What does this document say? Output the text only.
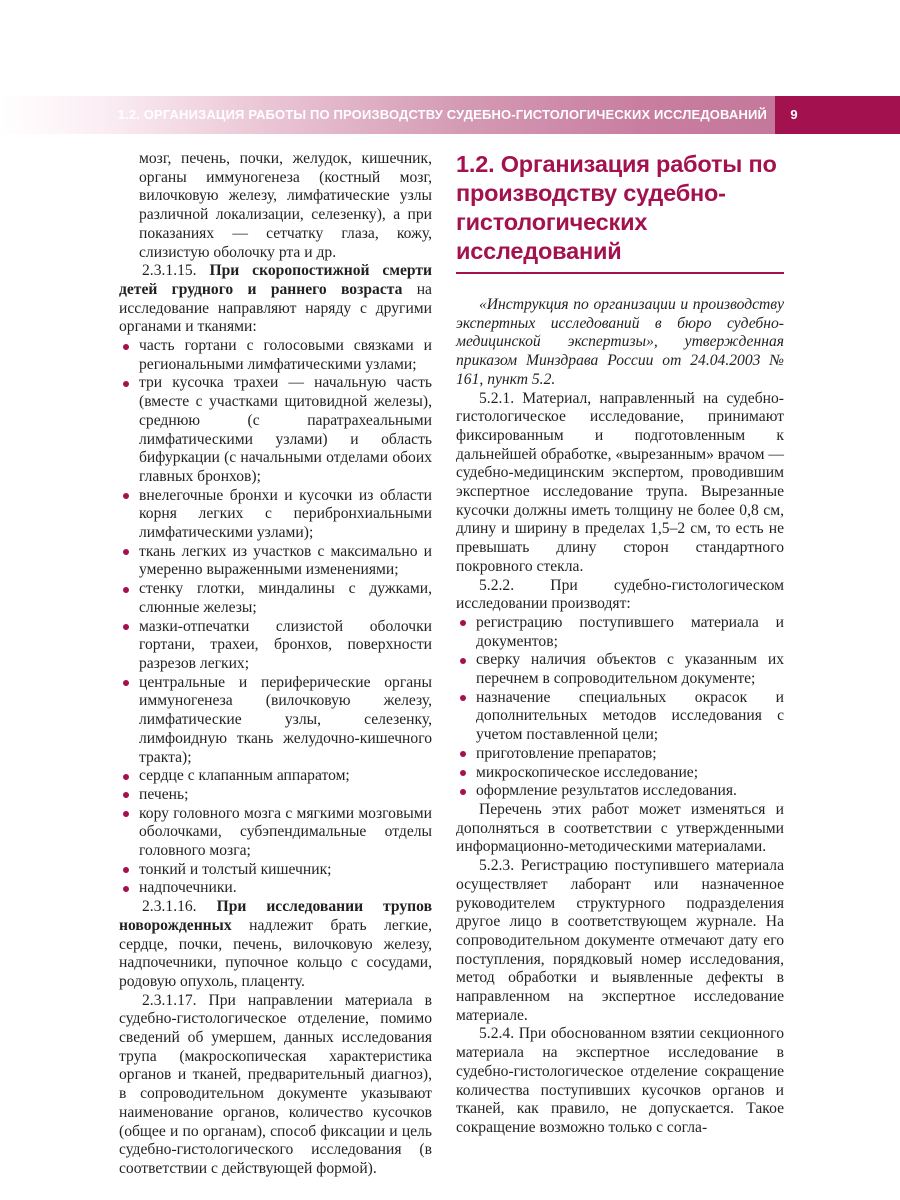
1.2. ОРГАНИЗАЦИЯ РАБОТЫ ПО ПРОИЗВОДСТВУ СУДЕБНО-ГИСТОЛОГИЧЕСКИХ ИССЛЕДОВАНИЙ	9
мозг, печень, почки, желудок, кишечник, органы иммуногенеза (костный мозг, вилочковую железу, лимфатические узлы различной локализации, селезенку), а при показаниях — сетчатку глаза, кожу, слизистую оболочку рта и др.

2.3.1.15. При скоропостижной смерти детей грудного и раннего возраста на исследование направляют наряду с другими органами и тканями:

часть гортани с голосовыми связками и региональными лимфатическими узлами;
три кусочка трахеи — начальную часть (вместе с участками щитовидной железы), среднюю (с паратрахеальными лимфатическими узлами) и область бифуркации (с начальными отделами обоих главных бронхов);
внелегочные бронхи и кусочки из области корня легких с перибронхиальными лимфатическими узлами);
ткань легких из участков с максимально и умеренно выраженными изменениями;
стенку глотки, миндалины с дужками, слюнные железы;
мазки-отпечатки слизистой оболочки гортани, трахеи, бронхов, поверхности разрезов легких;
центральные и периферические органы иммуногенеза (вилочковую железу, лимфатические узлы, селезенку, лимфоидную ткань желудочно-кишечного тракта);
сердце с клапанным аппаратом;
печень;
кору головного мозга с мягкими мозговыми оболочками, субэпендимальные отделы головного мозга;
тонкий и толстый кишечник;
надпочечники.

2.3.1.16. При исследовании трупов новорожденных надлежит брать легкие, сердце, почки, печень, вилочковую железу, надпочечники, пупочное кольцо с сосудами, родовую опухоль, плаценту.

2.3.1.17. При направлении материала в судебно-гистологическое отделение, помимо сведений об умершем, данных исследования трупа (макроскопическая характеристика органов и тканей, предварительный диагноз), в сопроводительном документе указывают наименование органов, количество кусочков (общее и по органам), способ фиксации и цель судебно-гистологического исследования (в соответствии с действующей формой).

1.2. Организация работы по производству судебно-гистологических исследований

«Инструкция по организации и производству экспертных исследований в бюро судебно-медицинской экспертизы», утвержденная приказом Минздрава России от 24.04.2003 № 161, пункт 5.2.

5.2.1. Материал, направленный на судебно-гистологическое исследование, принимают фиксированным и подготовленным к дальнейшей обработке, «вырезанным» врачом — судебно-медицинским экспертом, проводившим экспертное исследование трупа. Вырезанные кусочки должны иметь толщину не более 0,8 см, длину и ширину в пределах 1,5–2 см, то есть не превышать длину сторон стандартного покровного стекла.

5.2.2. При судебно-гистологическом исследовании производят:

регистрацию поступившего материала и документов;
сверку наличия объектов с указанным их перечнем в сопроводительном документе;
назначение специальных окрасок и дополнительных методов исследования с учетом поставленной цели;
приготовление препаратов;
микроскопическое исследование;
оформление результатов исследования.

Перечень этих работ может изменяться и дополняться в соответствии с утвержденными информационно-методическими материалами.

5.2.3. Регистрацию поступившего материала осуществляет лаборант или назначенное руководителем структурного подразделения другое лицо в соответствующем журнале. На сопроводительном документе отмечают дату его поступления, порядковый номер исследования, метод обработки и выявленные дефекты в направленном на экспертное исследование материале.

5.2.4. При обоснованном взятии секционного материала на экспертное исследование в судебно-гистологическое отделение сокращение количества поступивших кусочков органов и тканей, как правило, не допускается. Такое сокращение возможно только с согла-
